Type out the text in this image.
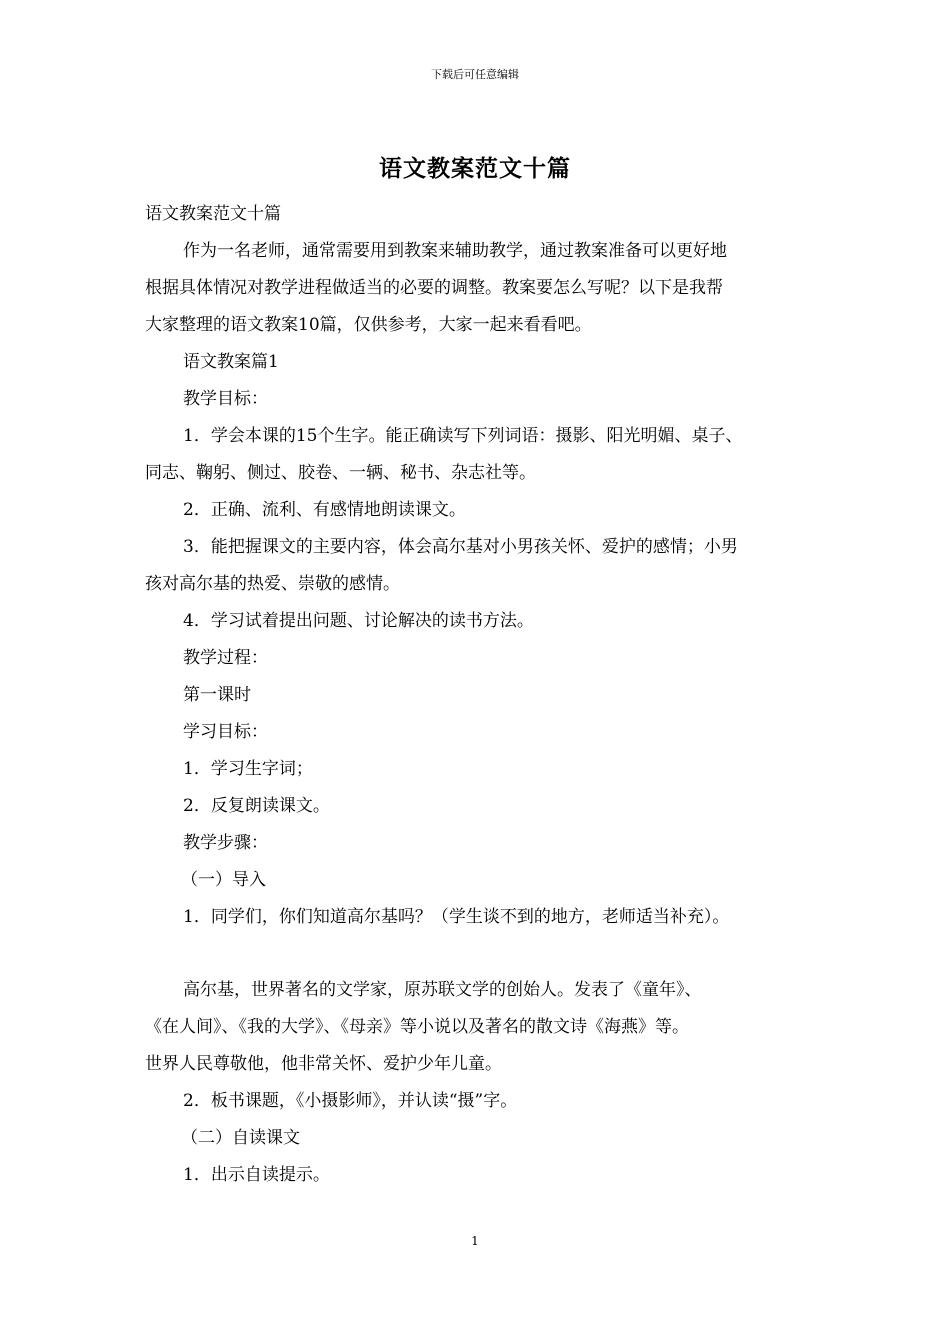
下载后可任意编辑
语文教案范文十篇
语文教案范文十篇
作为一名老师，通常需要用到教案来辅助教学，通过教案准备可以更好地
根据具体情况对教学进程做适当的必要的调整。教案要怎么写呢？以下是我帮
大家整理的语文教案10篇，仅供参考，大家一起来看看吧。
语文教案篇1
教学目标：
1．学会本课的15个生字。能正确读写下列词语：摄影、阳光明媚、桌子、
同志、鞠躬、侧过、胶卷、一辆、秘书、杂志社等。
2．正确、流利、有感情地朗读课文。
3．能把握课文的主要内容，体会高尔基对小男孩关怀、爱护的感情；小男
孩对高尔基的热爱、崇敬的感情。
4．学习试着提出问题、讨论解决的读书方法。
教学过程：
第一课时
学习目标：
1．学习生字词；
2．反复朗读课文。
教学步骤：
（一）导入
1．同学们，你们知道高尔基吗？（学生谈不到的地方，老师适当补充）。
高尔基，世界著名的文学家，原苏联文学的创始人。发表了《童年》、
《在人间》、《我的大学》、《母亲》等小说以及著名的散文诗《海燕》等。
世界人民尊敬他，他非常关怀、爱护少年儿童。
2．板书课题，《小摄影师》，并认读“摄”字。
（二）自读课文
1．出示自读提示。
1
